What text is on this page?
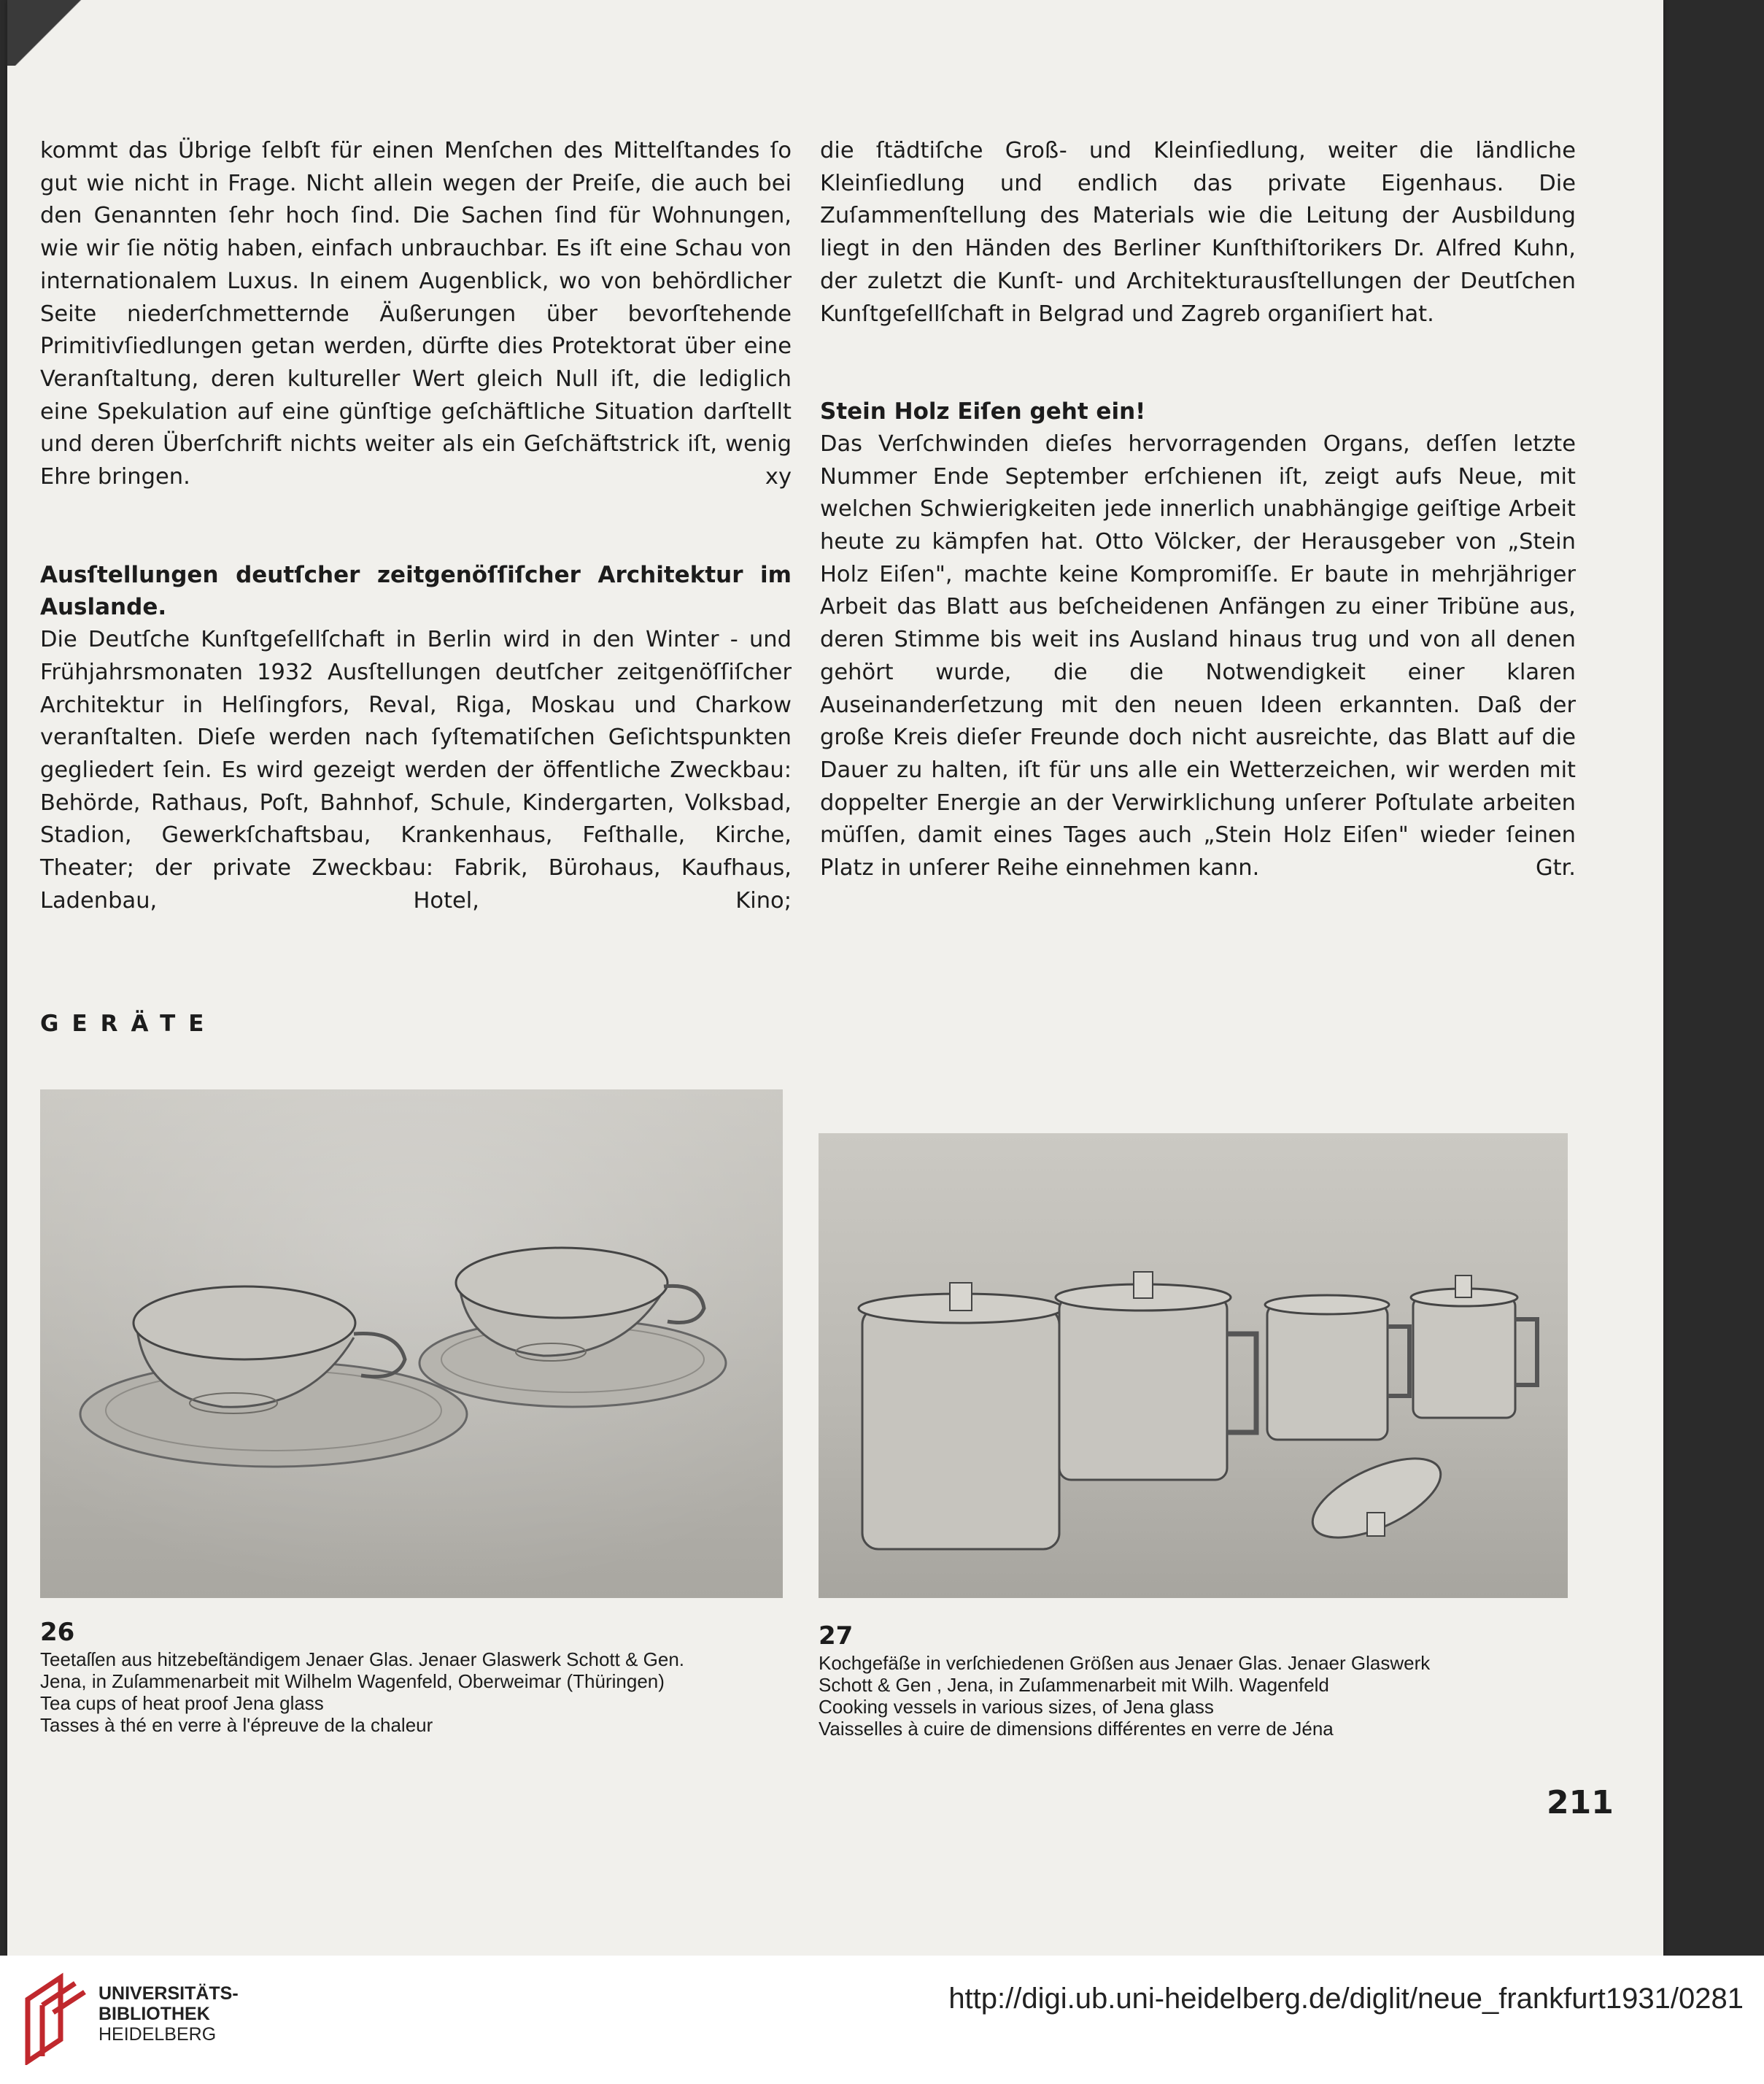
kommt das Übrige ſelbſt für einen Menſchen des Mittelſtandes ſo gut wie nicht in Frage. Nicht allein wegen der Preiſe, die auch bei den Genannten ſehr hoch ſind. Die Sachen ſind für Wohnungen, wie wir ſie nötig haben, einfach unbrauchbar. Es iſt eine Schau von internationalem Luxus. In einem Augenblick, wo von behördlicher Seite niederſchmetternde Äußerungen über bevorſtehende Primitivſiedlungen getan werden, dürfte dies Protektorat über eine Veranſtaltung, deren kultureller Wert gleich Null iſt, die lediglich eine Spekulation auf eine günſtige geſchäftliche Situation darſtellt und deren Überſchrift nichts weiter als ein Geſchäftstrick iſt, wenig Ehre bringen.	xy

Ausſtellungen deutſcher zeitgenöſſiſcher Architektur im Auslande.

Die Deutſche Kunſtgeſellſchaft in Berlin wird in den Winter - und Frühjahrsmonaten 1932 Ausſtellungen deutſcher zeitgenöſſiſcher Architektur in Helſingfors, Reval, Riga, Moskau und Charkow veranſtalten. Dieſe werden nach ſyſtematiſchen Geſichtspunkten gegliedert ſein. Es wird gezeigt werden der öffentliche Zweckbau: Behörde, Rathaus, Poſt, Bahnhof, Schule, Kindergarten, Volksbad, Stadion, Gewerkſchaftsbau, Krankenhaus, Feſthalle, Kirche, Theater; der private Zweckbau: Fabrik, Bürohaus, Kaufhaus, Ladenbau, Hotel, Kino;

die ſtädtiſche Groß- und Kleinſiedlung, weiter die ländliche Kleinſiedlung und endlich das private Eigenhaus. Die Zuſammenſtellung des Materials wie die Leitung der Ausbildung liegt in den Händen des Berliner Kunſthiſtorikers Dr. Alfred Kuhn, der zuletzt die Kunſt- und Architekturausſtellungen der Deutſchen Kunſtgeſellſchaft in Belgrad und Zagreb organiſiert hat.

Stein Holz Eiſen geht ein!

Das Verſchwinden dieſes hervorragenden Organs, deſſen letzte Nummer Ende September erſchienen iſt, zeigt aufs Neue, mit welchen Schwierigkeiten jede innerlich unabhängige geiſtige Arbeit heute zu kämpfen hat. Otto Völcker, der Herausgeber von „Stein Holz Eiſen", machte keine Kompromiſſe. Er baute in mehrjähriger Arbeit das Blatt aus beſcheidenen Anfängen zu einer Tribüne aus, deren Stimme bis weit ins Ausland hinaus trug und von all denen gehört wurde, die die Notwendigkeit einer klaren Auseinanderſetzung mit den neuen Ideen erkannten. Daß der große Kreis dieſer Freunde doch nicht ausreichte, das Blatt auf die Dauer zu halten, iſt für uns alle ein Wetterzeichen, wir werden mit doppelter Energie an der Verwirklichung unſerer Poſtulate arbeiten müſſen, damit eines Tages auch „Stein Holz Eiſen" wieder ſeinen Platz in unſerer Reihe einnehmen kann.	Gtr.

GERÄTE
26
Teetaſſen aus hitzebeſtändigem Jenaer Glas. Jenaer Glaswerk Schott & Gen.
Jena, in Zuſammenarbeit mit Wilhelm Wagenfeld, Oberweimar (Thüringen)
Tea cups of heat proof Jena glass
Tasses à thé en verre à l'épreuve de la chaleur
27
Kochgefäße in verſchiedenen Größen aus Jenaer Glas. Jenaer Glaswerk
Schott & Gen , Jena, in Zuſammenarbeit mit Wilh. Wagenfeld
Cooking vessels in various sizes, of Jena glass
Vaisselles à cuire de dimensions différentes en verre de Jéna
211
UNIVERSITÄTS-
BIBLIOTHEK
HEIDELBERG
http://digi.ub.uni-heidelberg.de/diglit/neue_frankfurt1931/0281
